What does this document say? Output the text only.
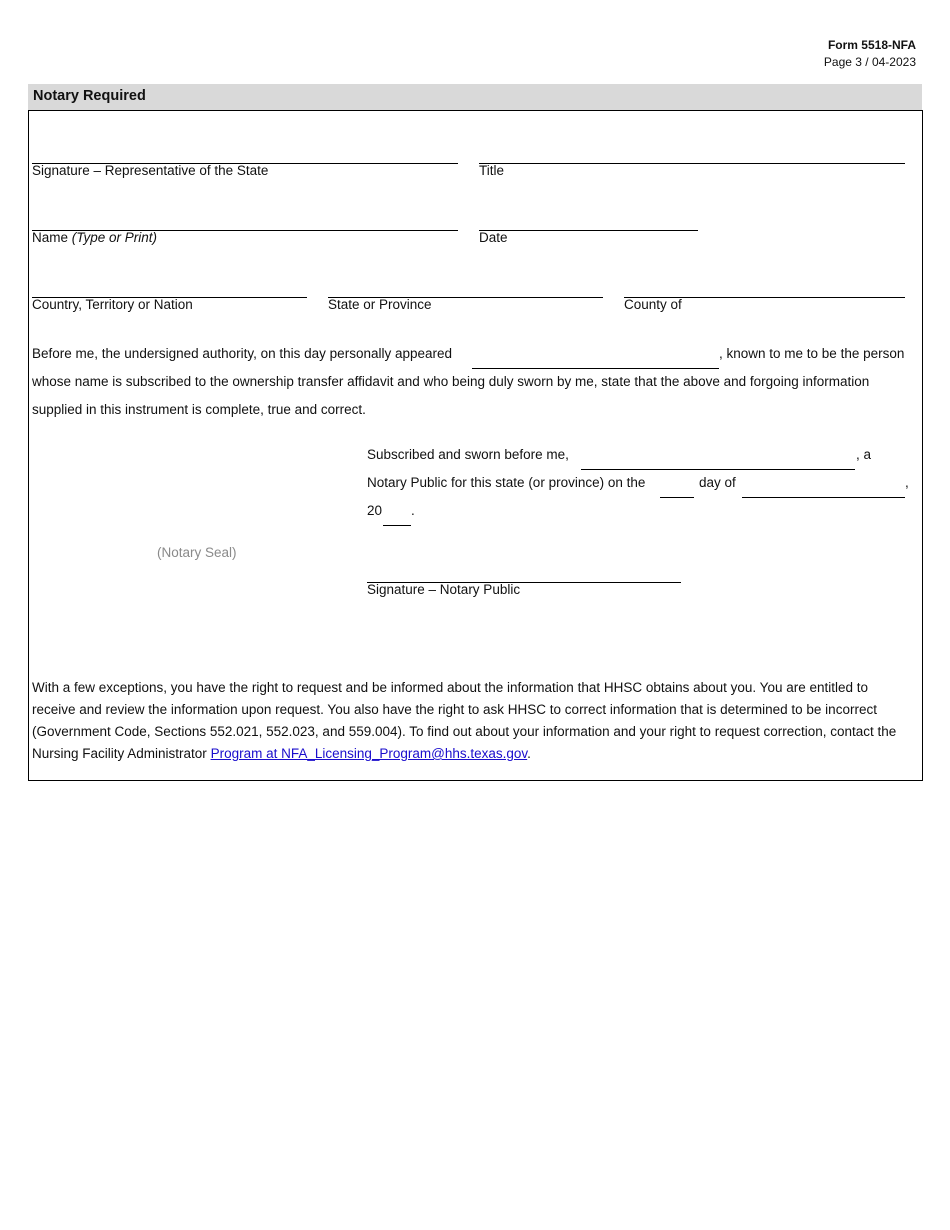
Form 5518-NFA
Page 3 / 04-2023
Notary Required
Signature – Representative of the State	Title
Name (Type or Print)	Date
Country, Territory or Nation	State or Province	County of
Before me, the undersigned authority, on this day personally appeared	, known to me to be the person
whose name is subscribed to the ownership transfer affidavit and who being duly sworn by me, state that the above and forgoing information
supplied in this instrument is complete, true and correct.
Subscribed and sworn before me,	, a
Notary Public for this state (or province) on the	day of	,
20 .
(Notary Seal)
Signature – Notary Public
With a few exceptions, you have the right to request and be informed about the information that HHSC obtains about you. You are entitled to receive and review the information upon request. You also have the right to ask HHSC to correct information that is determined to be incorrect (Government Code, Sections 552.021, 552.023, and 559.004). To find out about your information and your right to request correction, contact the Nursing Facility Administrator Program at NFA_Licensing_Program@hhs.texas.gov.
